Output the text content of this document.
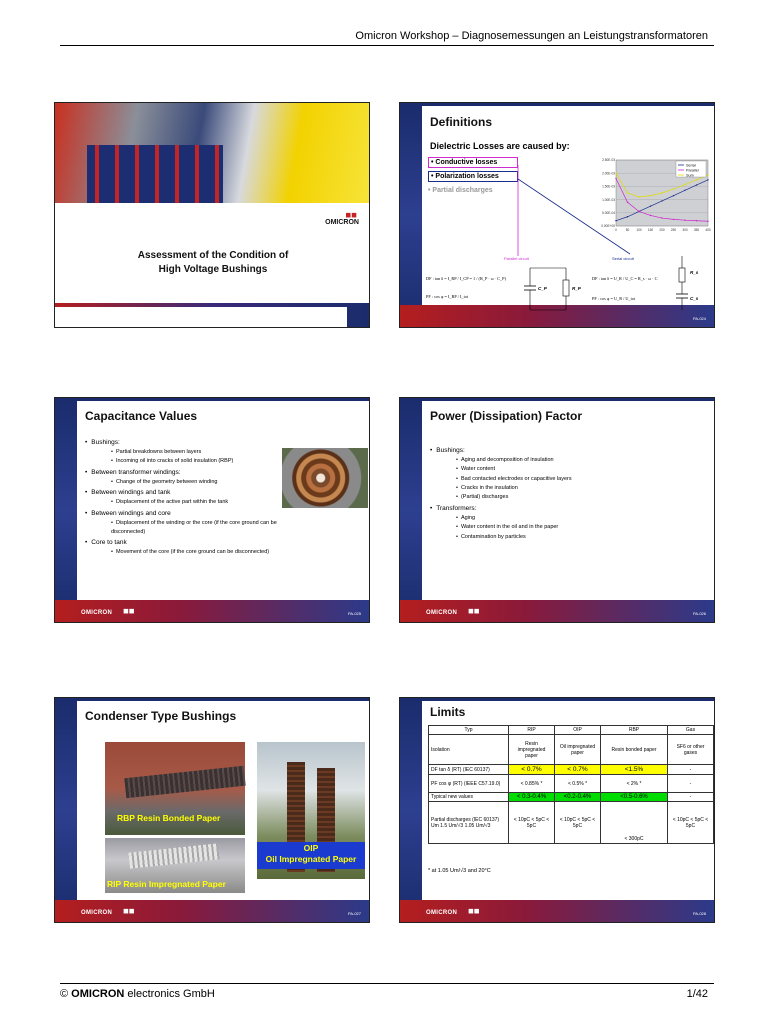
Omicron Workshop – Diagnosemessungen an Leistungstransformatoren
OMICRON
◼◼
Assessment of the Condition of
High Voltage Bushings
Definitions
Dielectric Losses are caused by:
• Conductive losses
• Polarization losses
• Partial discharges
2.50E-03
2.00E-03
1.50E-03
1.00E-03
5.00E-04
0.00E+00
0	50 100 150 200 250 300 350 400
Serial
Parallel
Sum
Parallel circuit	Serial circuit
DF : tan δ = I_RP / I_CP = 1 / (R_P · ω · C_P)
PF : cos φ = I_RP / I_tot
DF : tan δ = U_R / U_C = R_s · ω · C
PF : cos φ = U_R / U_tot
C_P	R_P
R_s
C_s
PA-024
Capacitance Values
• Bushings:
• Partial breakdowns between layers
• Incoming oil into cracks of solid insulation (RBP)
• Between transformer windings:
• Change of the geometry between winding
• Between windings and tank
• Displacement of the active part within the tank
• Between windings and core
• Displacement of the winding or the core (if the core ground can be disconnected)
• Core to tank
• Movement of the core (if the core ground can be disconnected)
OMICRON ◼◼	PA-025
Power (Dissipation) Factor
• Bushings:
• Aging and decomposition of insulation
• Water content
• Bad contacted electrodes or capacitive layers
• Cracks in the insulation
• (Partial) discharges
• Transformers:
• Aging
• Water content in the oil and in the paper
• Contamination by particles
OMICRON ◼◼	PA-026
Condenser Type Bushings
RBP Resin Bonded Paper
RIP Resin Impregnated Paper
OIP
Oil Impregnated Paper
OMICRON ◼◼	PA-027
Limits
Typ	RIP	OIP	RBP	Gas
Isolation	Resin impregnated paper	Oil impregnated paper	Resin bonded paper	SF6 or other gases
DF tan δ (RT) (IEC 60137)	< 0.7%	< 0.7%	<1.5%	-
PF cos φ (RT) (IEEE C57.19.0)	< 0.85% *	< 0.5% *	< 2% *	-
Typical new values	< 0.3-0.4%	<0.2-0.4%	<0.5-0.6%	-
Partial discharges (IEC 60137) Um 1.5 Um/√3 1.05 Um/√3	< 10pC < 5pC < 5pC	< 10pC < 5pC < 5pC	< 300pC	< 10pC < 5pC < 5pC
* at 1.05 Um/√3 and 20°C
OMICRON ◼◼	PA-028
© OMICRON electronics GmbH	1/42
